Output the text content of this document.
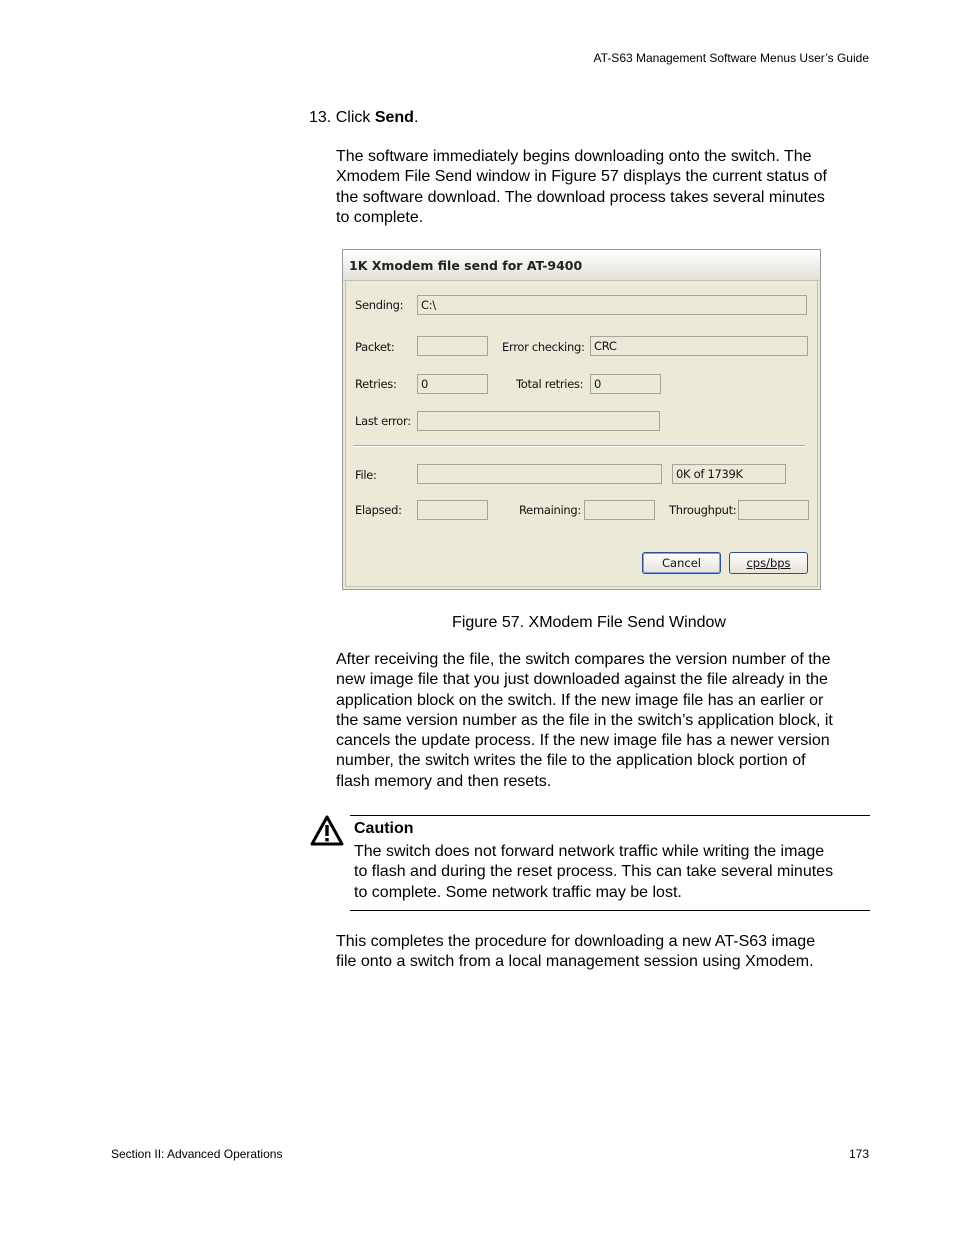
AT-S63 Management Software Menus User’s Guide
13. Click Send.
The software immediately begins downloading onto the switch. The
Xmodem File Send window in Figure 57 displays the current status of
the software download. The download process takes several minutes
to complete.
1K Xmodem file send for AT-9400
Sending:	C:\
Packet:	Error checking: CRC
Retries:	0	Total retries: 0
Last error:
File:	0K of 1739K
Elapsed:	Remaining:	Throughput:
Cancel	cps/bps
Figure 57. XModem File Send Window
After receiving the file, the switch compares the version number of the
new image file that you just downloaded against the file already in the
application block on the switch. If the new image file has an earlier or
the same version number as the file in the switch’s application block, it
cancels the update process. If the new image file has a newer version
number, the switch writes the file to the application block portion of
flash memory and then resets.
Caution
The switch does not forward network traffic while writing the image
to flash and during the reset process. This can take several minutes
to complete. Some network traffic may be lost.
This completes the procedure for downloading a new AT-S63 image
file onto a switch from a local management session using Xmodem.
Section II: Advanced Operations	173
